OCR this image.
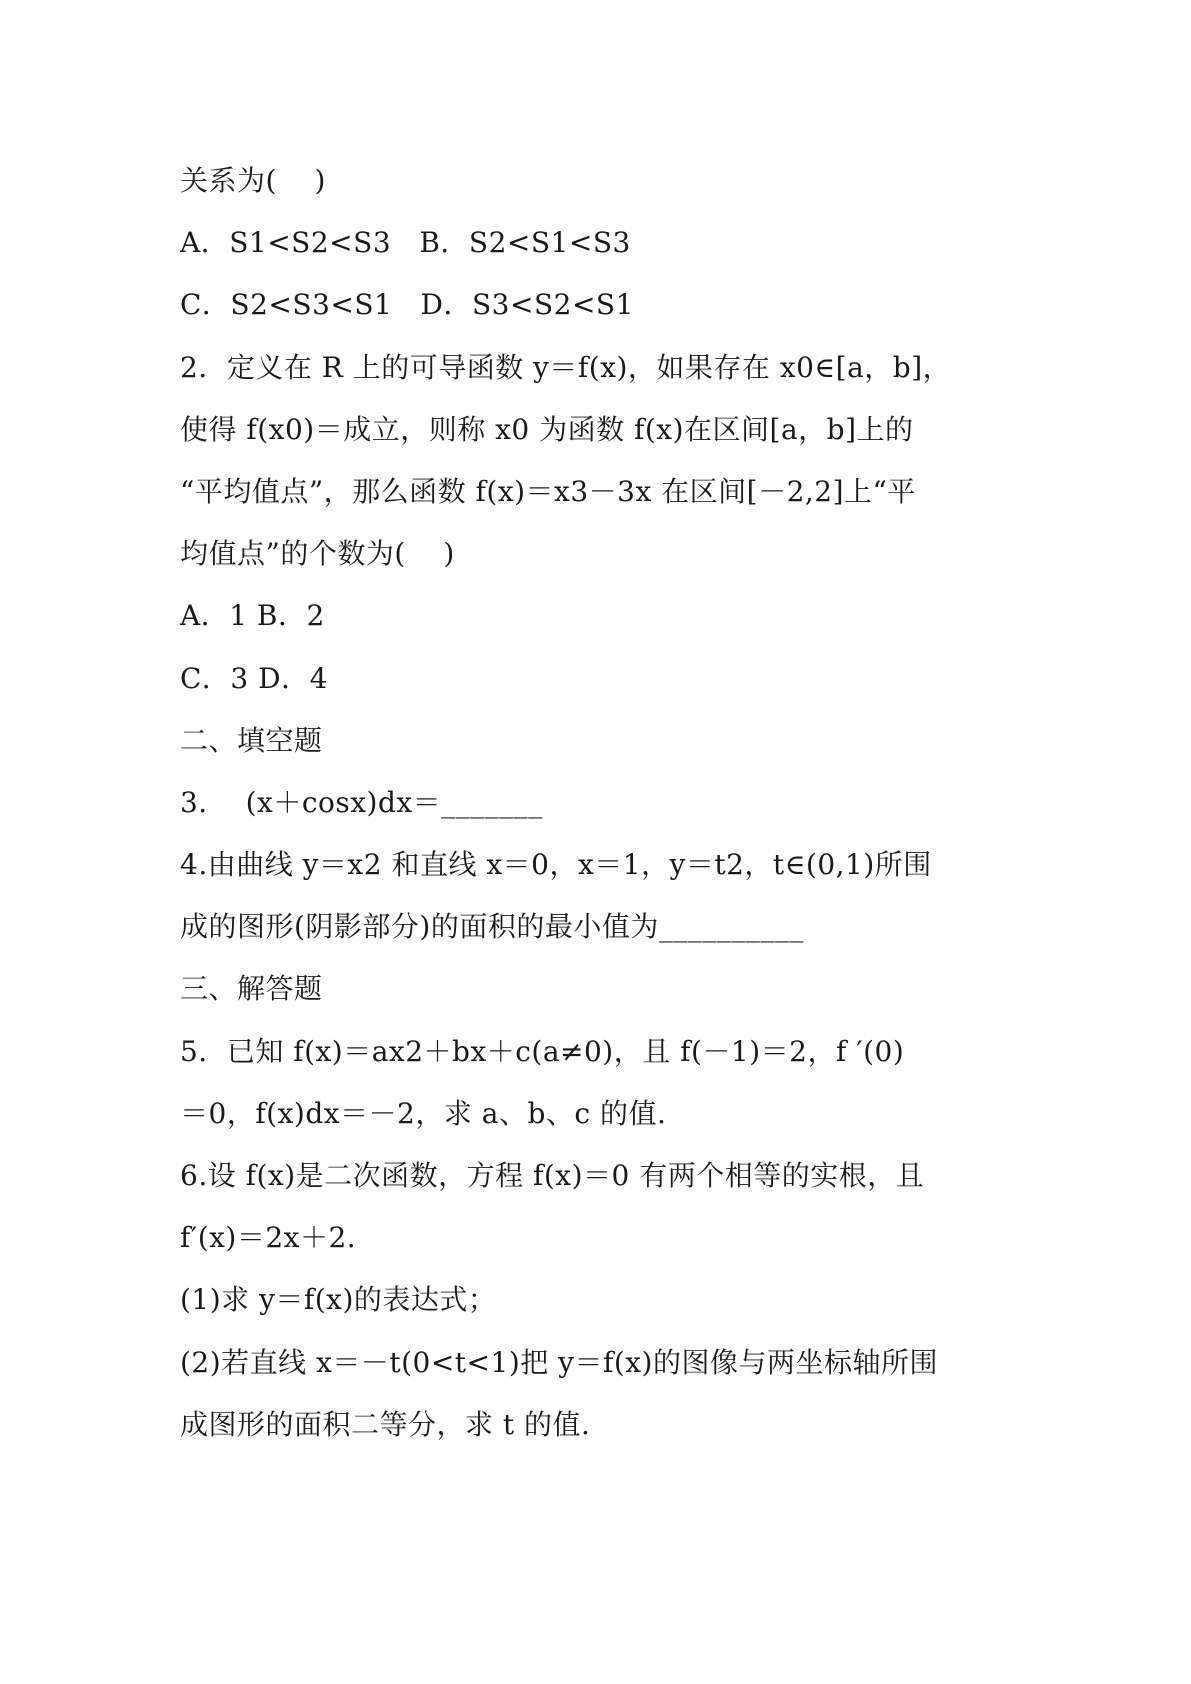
关系为(    )
A．S1<S2<S3   B．S2<S1<S3
C．S2<S3<S1   D．S3<S2<S1
2．定义在 R 上的可导函数 y＝f(x)，如果存在 x0∈[a，b]，
使得 f(x0)＝成立，则称 x0 为函数 f(x)在区间[a，b]上的
“平均值点”，那么函数 f(x)＝x3－3x 在区间[－2,2]上“平
均值点”的个数为(    )
A．1 B．2
C．3 D．4
二、填空题
3．  (x＋cosx)dx＝_______
4.由曲线 y＝x2 和直线 x＝0，x＝1，y＝t2，t∈(0,1)所围
成的图形(阴影部分)的面积的最小值为__________
三、解答题
5．已知 f(x)＝ax2＋bx＋c(a≠0)，且 f(－1)＝2，f ′(0)
＝0，f(x)dx＝－2，求 a、b、c 的值.
6.设 f(x)是二次函数，方程 f(x)＝0 有两个相等的实根，且
f′(x)＝2x＋2.
(1)求 y＝f(x)的表达式；
(2)若直线 x＝－t(0<t<1)把 y＝f(x)的图像与两坐标轴所围
成图形的面积二等分，求 t 的值.
